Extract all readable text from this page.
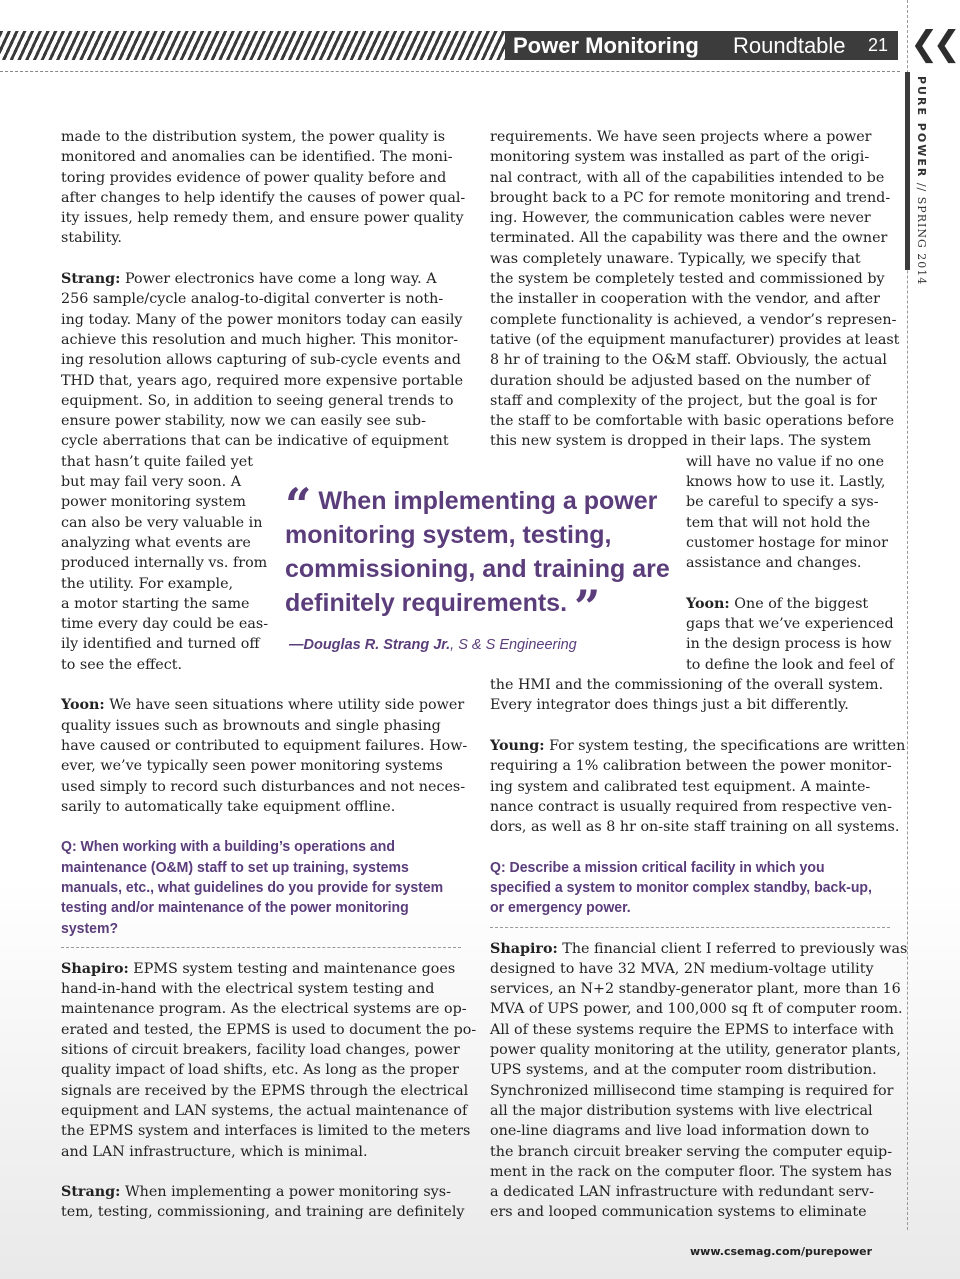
Power Monitoring Roundtable 21 ❮❮
PURE POWER // SPRING 2014

made to the distribution system, the power quality is
monitored and anomalies can be identified. The moni-
toring provides evidence of power quality before and
after changes to help identify the causes of power qual-
ity issues, help remedy them, and ensure power quality
stability.

Strang: Power electronics have come a long way. A
256 sample/cycle analog-to-digital converter is noth-
ing today. Many of the power monitors today can easily
achieve this resolution and much higher. This monitor-
ing resolution allows capturing of sub-cycle events and
THD that, years ago, required more expensive portable
equipment. So, in addition to seeing general trends to
ensure power stability, now we can easily see sub-
cycle aberrations that can be indicative of equipment
that hasn’t quite failed yet
but may fail very soon. A
power monitoring system
can also be very valuable in
analyzing what events are
produced internally vs. from
the utility. For example,
a motor starting the same
time every day could be eas-
ily identified and turned off
to see the effect.

Yoon: We have seen situations where utility side power
quality issues such as brownouts and single phasing
have caused or contributed to equipment failures. How-
ever, we’ve typically seen power monitoring systems
used simply to record such disturbances and not neces-
sarily to automatically take equipment offline.

Q: When working with a building’s operations and
maintenance (O&M) staff to set up training, systems
manuals, etc., what guidelines do you provide for system
testing and/or maintenance of the power monitoring
system?

Shapiro: EPMS system testing and maintenance goes
hand-in-hand with the electrical system testing and
maintenance program. As the electrical systems are op-
erated and tested, the EPMS is used to document the po-
sitions of circuit breakers, facility load changes, power
quality impact of load shifts, etc. As long as the proper
signals are received by the EPMS through the electrical
equipment and LAN systems, the actual maintenance of
the EPMS system and interfaces is limited to the meters
and LAN infrastructure, which is minimal.

Strang: When implementing a power monitoring sys-
tem, testing, commissioning, and training are definitely

requirements. We have seen projects where a power
monitoring system was installed as part of the origi-
nal contract, with all of the capabilities intended to be
brought back to a PC for remote monitoring and trend-
ing. However, the communication cables were never
terminated. All the capability was there and the owner
was completely unaware. Typically, we specify that
the system be completely tested and commissioned by
the installer in cooperation with the vendor, and after
complete functionality is achieved, a vendor’s represen-
tative (of the equipment manufacturer) provides at least
8 hr of training to the O&M staff. Obviously, the actual
duration should be adjusted based on the number of
staff and complexity of the project, but the goal is for
the staff to be comfortable with basic operations before
this new system is dropped in their laps. The system

will have no value if no one
knows how to use it. Lastly,
be careful to specify a sys-
tem that will not hold the
customer hostage for minor
assistance and changes.

Yoon: One of the biggest
gaps that we’ve experienced
in the design process is how
to define the look and feel of
the HMI and the commissioning of the overall system.
Every integrator does things just a bit differently.

Young: For system testing, the specifications are written
requiring a 1% calibration between the power monitor-
ing system and calibrated test equipment. A mainte-
nance contract is usually required from respective ven-
dors, as well as 8 hr on-site staff training on all systems.

Q: Describe a mission critical facility in which you
specified a system to monitor complex standby, back-up,
or emergency power.

Shapiro: The financial client I referred to previously was
designed to have 32 MVA, 2N medium-voltage utility
services, an N+2 standby-generator plant, more than 16
MVA of UPS power, and 100,000 sq ft of computer room.
All of these systems require the EPMS to interface with
power quality monitoring at the utility, generator plants,
UPS systems, and at the computer room distribution.
Synchronized millisecond time stamping is required for
all the major distribution systems with live electrical
one-line diagrams and live load information down to
the branch circuit breaker serving the computer equip-
ment in the rack on the computer floor. The system has
a dedicated LAN infrastructure with redundant serv-
ers and looped communication systems to eliminate

“ When implementing a power
monitoring system, testing,
commissioning, and training are
definitely requirements. ”
—Douglas R. Strang Jr., S & S Engineering
www.csemag.com/purepower
